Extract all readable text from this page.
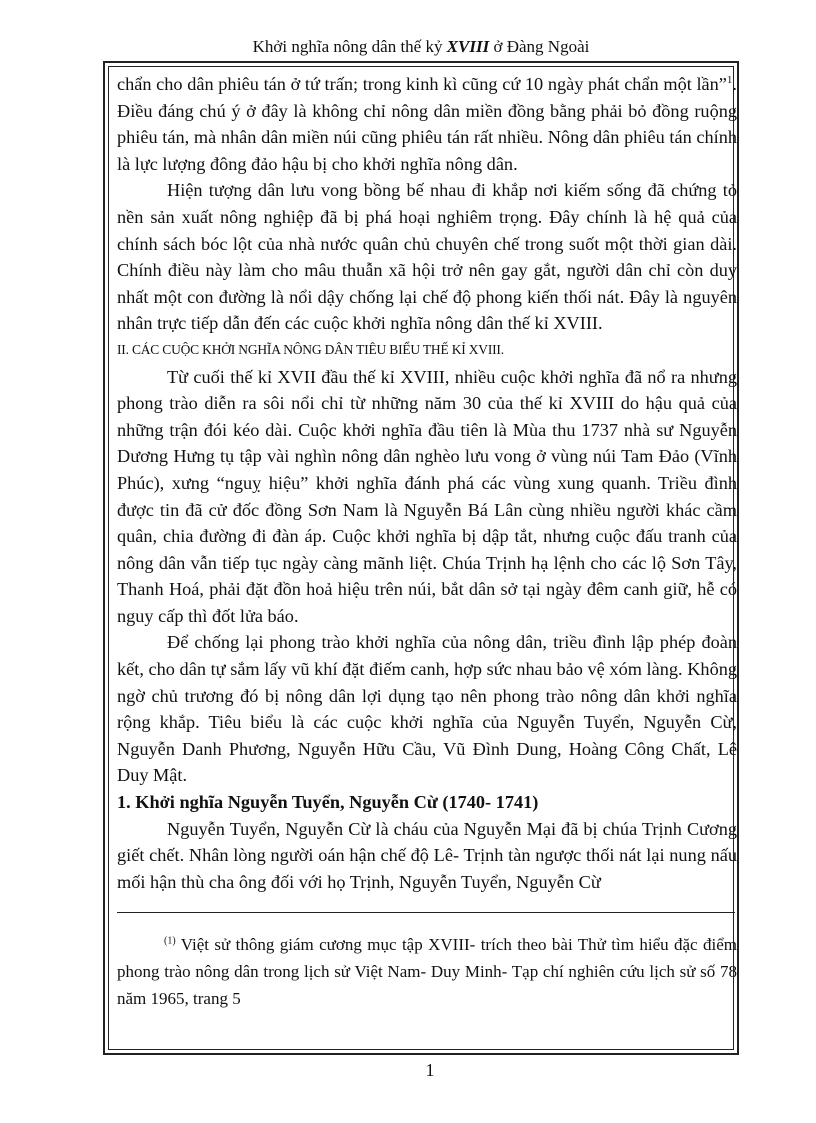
Khởi nghĩa nông dân thế kỷ XVIII ở Đàng Ngoài

chẩn cho dân phiêu tán ở tứ trấn; trong kinh kì cũng cứ 10 ngày phát chẩn một lần”$^1$. Điều đáng chú ý ở đây là không chỉ nông dân miền đồng bằng phải bỏ đồng ruộng phiêu tán, mà nhân dân miền núi cũng phiêu tán rất nhiều. Nông dân phiêu tán chính là lực lượng đông đảo hậu bị cho khởi nghĩa nông dân.

Hiện tượng dân lưu vong bồng bế nhau đi khắp nơi kiếm sống đã chứng tỏ nền sản xuất nông nghiệp đã bị phá hoại nghiêm trọng. Đây chính là hệ quả của chính sách bóc lột của nhà nước quân chủ chuyên chế trong suốt một thời gian dài. Chính điều này làm cho mâu thuẫn xã hội trở nên gay gắt, người dân chỉ còn duy nhất một con đường là nổi dậy chống lại chế độ phong kiến thối nát. Đây là nguyên nhân trực tiếp dẫn đến các cuộc khởi nghĩa nông dân thế kỉ XVIII.

II. CÁC CUỘC KHỞI NGHĨA NÔNG DÂN TIÊU BIỂU THẾ KỈ XVIII.

Từ cuối thế kỉ XVII đầu thế kỉ XVIII, nhiều cuộc khởi nghĩa đã nổ ra nhưng phong trào diễn ra sôi nổi chỉ từ những năm 30 của thế kỉ XVIII do hậu quả của những trận đói kéo dài. Cuộc khởi nghĩa đầu tiên là Mùa thu 1737 nhà sư Nguyễn Dương Hưng tụ tập vài nghìn nông dân nghèo lưu vong ở vùng núi Tam Đảo (Vĩnh Phúc), xưng “nguỵ hiệu” khởi nghĩa đánh phá các vùng xung quanh. Triều đình được tin đã cử đốc đồng Sơn Nam là Nguyễn Bá Lân cùng nhiều người khác cầm quân, chia đường đi đàn áp. Cuộc khởi nghĩa bị dập tắt, nhưng cuộc đấu tranh của nông dân vẫn tiếp tục ngày càng mãnh liệt. Chúa Trịnh hạ lệnh cho các lộ Sơn Tây, Thanh Hoá, phải đặt đồn hoả hiệu trên núi, bắt dân sở tại ngày đêm canh giữ, hễ có nguy cấp thì đốt lửa báo.

Để chống lại phong trào khởi nghĩa của nông dân, triều đình lập phép đoàn kết, cho dân tự sắm lấy vũ khí đặt điếm canh, hợp sức nhau bảo vệ xóm làng. Không ngờ chủ trương đó bị nông dân lợi dụng tạo nên phong trào nông dân khởi nghĩa rộng khắp. Tiêu biểu là các cuộc khởi nghĩa của Nguyễn Tuyển, Nguyễn Cừ, Nguyễn Danh Phương, Nguyễn Hữu Cầu, Vũ Đình Dung, Hoàng Công Chất, Lê Duy Mật.

1. Khởi nghĩa Nguyễn Tuyển, Nguyễn Cừ (1740- 1741)

Nguyễn Tuyển, Nguyễn Cừ là cháu của Nguyễn Mại đã bị chúa Trịnh Cương giết chết. Nhân lòng người oán hận chế độ Lê- Trịnh tàn ngược thối nát lại nung nấu mối hận thù cha ông đối với họ Trịnh, Nguyễn Tuyển, Nguyễn Cừ

$^{(1)}$ Việt sử thông giám cương mục tập XVIII- trích theo bài Thử tìm hiểu đặc điểm phong trào nông dân trong lịch sử Việt Nam- Duy Minh- Tạp chí nghiên cứu lịch sử số 78 năm 1965, trang 5

1
